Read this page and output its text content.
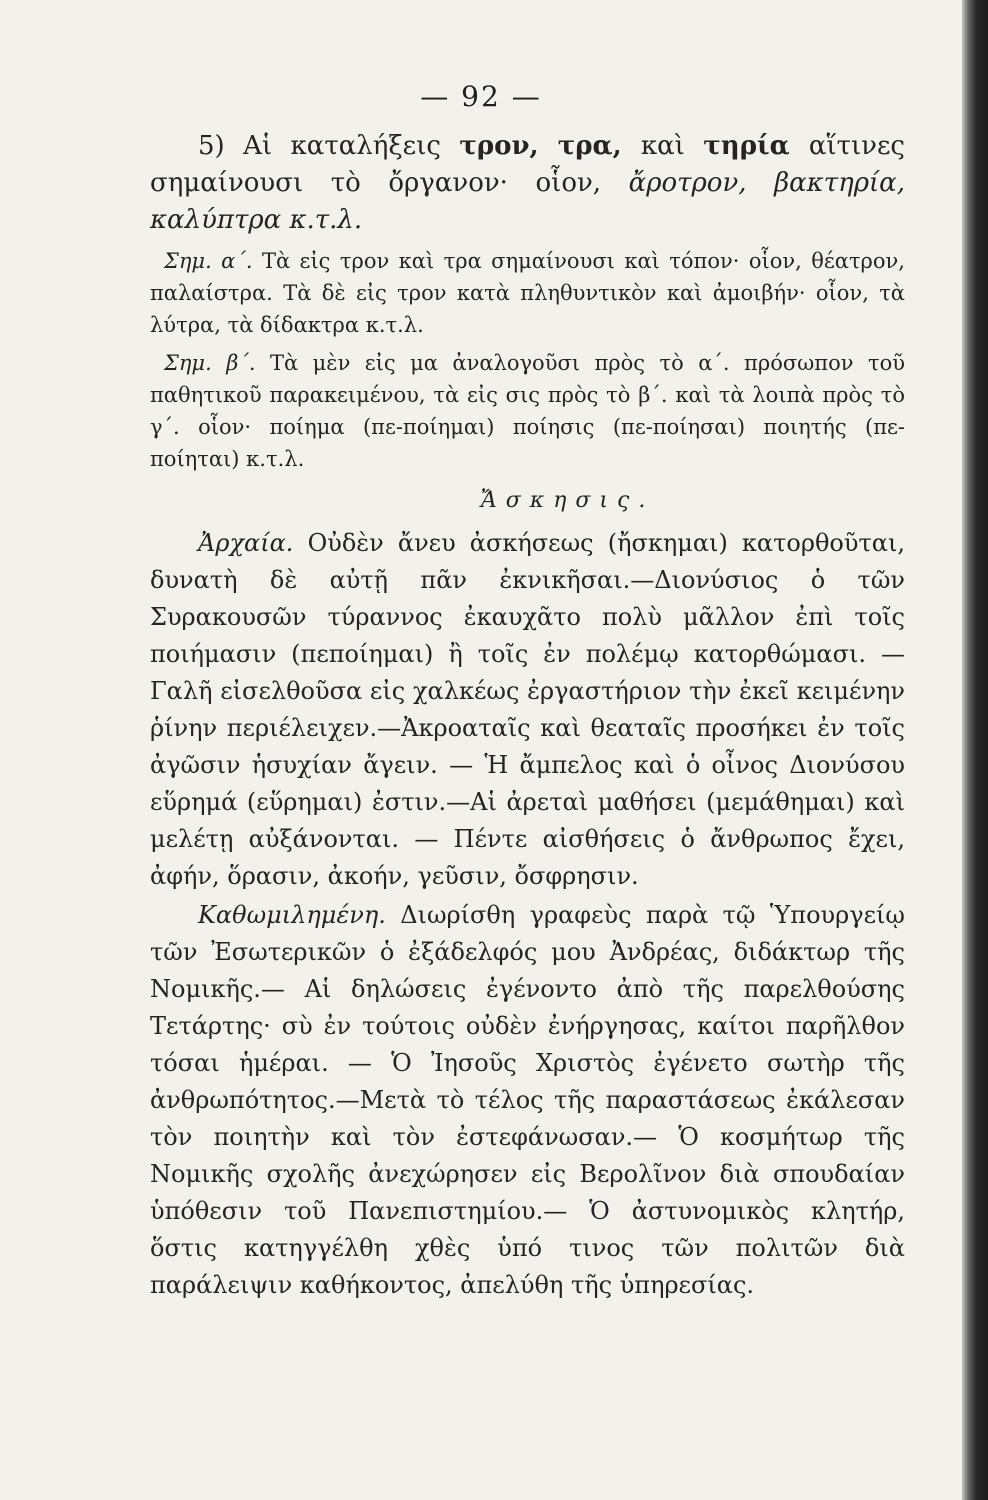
— 92 —

5) Αἱ καταλήξεις τρον, τρα, καὶ τηρία αἵτινες σημαίνουσι τὸ ὄργανον· οἷον, ἄροτρον, βακτηρία, καλύπτρα κ.τ.λ.

Σημ. α΄. Τὰ εἰς τρον καὶ τρα σημαίνουσι καὶ τόπον· οἷον, θέατρον, παλαίστρα. Τὰ δὲ εἰς τρον κατὰ πληθυντικὸν καὶ ἀμοιβήν· οἷον, τὰ λύτρα, τὰ δίδακτρα κ.τ.λ.

Σημ. β΄. Τὰ μὲν εἰς μα ἀναλογοῦσι πρὸς τὸ α΄. πρόσωπον τοῦ παθητικοῦ παρακειμένου, τὰ εἰς σις πρὸς τὸ β΄. καὶ τὰ λοιπὰ πρὸς τὸ γ΄. οἷον· ποίημα (πε-ποίημαι) ποίησις (πε-ποίησαι) ποιητής (πε-ποίηται) κ.τ.λ.

Ἄσκησις.

Ἀρχαία. Οὐδὲν ἄνευ ἀσκήσεως (ἤσκημαι) κατορθοῦται, δυνατὴ δὲ αὐτῇ πᾶν ἐκνικῆσαι.—Διονύσιος ὁ τῶν Συρακουσῶν τύραννος ἐκαυχᾶτο πολὺ μᾶλλον ἐπὶ τοῖς ποιήμασιν (πεποίημαι) ἢ τοῖς ἐν πολέμῳ κατορθώμασι. — Γαλῆ εἰσελθοῦσα εἰς χαλκέως ἐργαστήριον τὴν ἐκεῖ κειμένην ῥίνην περιέλειχεν.—Ἀκροαταῖς καὶ θεαταῖς προσήκει ἐν τοῖς ἀγῶσιν ἡσυχίαν ἄγειν. — Ἡ ἄμπελος καὶ ὁ οἶνος Διονύσου εὕρημά (εὕρημαι) ἐστιν.—Αἱ ἀρεταὶ μαθήσει (μεμάθημαι) καὶ μελέτῃ αὐξάνονται. — Πέντε αἰσθήσεις ὁ ἄνθρωπος ἔχει, ἀφήν, ὅρασιν, ἀκοήν, γεῦσιν, ὄσφρησιν.

Καθωμιλημένη. Διωρίσθη γραφεὺς παρὰ τῷ Ὑπουργείῳ τῶν Ἐσωτερικῶν ὁ ἐξάδελφός μου Ἀνδρέας, διδάκτωρ τῆς Νομικῆς.— Αἱ δηλώσεις ἐγένοντο ἀπὸ τῆς παρελθούσης Τετάρτης· σὺ ἐν τούτοις οὐδὲν ἐνήργησας, καίτοι παρῆλθον τόσαι ἡμέραι. — Ὁ Ἰησοῦς Χριστὸς ἐγένετο σωτὴρ τῆς ἀνθρωπότητος.—Μετὰ τὸ τέλος τῆς παραστάσεως ἐκάλεσαν τὸν ποιητὴν καὶ τὸν ἐστεφάνωσαν.— Ὁ κοσμήτωρ τῆς Νομικῆς σχολῆς ἀνεχώρησεν εἰς Βερολῖνον διὰ σπουδαίαν ὑπόθεσιν τοῦ Πανεπιστημίου.— Ὁ ἀστυνομικὸς κλητήρ, ὅστις κατηγγέλθη χθὲς ὑπό τινος τῶν πολιτῶν διὰ παράλειψιν καθήκοντος, ἀπελύθη τῆς ὑπηρεσίας.
